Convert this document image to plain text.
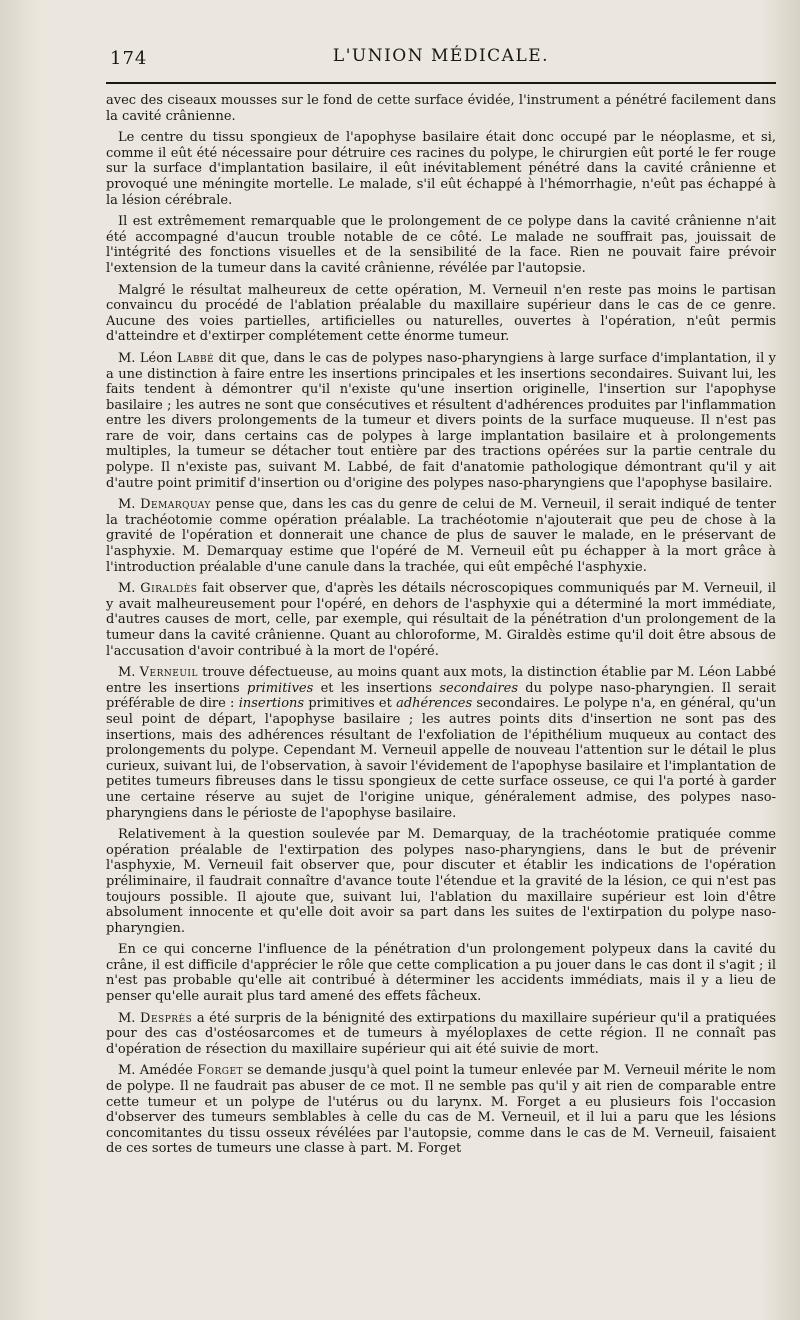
174	L'UNION MÉDICALE.

avec des ciseaux mousses sur le fond de cette surface évidée, l'instrument a pénétré facilement dans la cavité crânienne.

Le centre du tissu spongieux de l'apophyse basilaire était donc occupé par le néoplasme, et si, comme il eût été nécessaire pour détruire ces racines du polype, le chirurgien eût porté le fer rouge sur la surface d'implantation basilaire, il eût inévitablement pénétré dans la cavité crânienne et provoqué une méningite mortelle. Le malade, s'il eût échappé à l'hémorrhagie, n'eût pas échappé à la lésion cérébrale.

Il est extrêmement remarquable que le prolongement de ce polype dans la cavité crânienne n'ait été accompagné d'aucun trouble notable de ce côté. Le malade ne souffrait pas, jouissait de l'intégrité des fonctions visuelles et de la sensibilité de la face. Rien ne pouvait faire prévoir l'extension de la tumeur dans la cavité crânienne, révélée par l'autopsie.

Malgré le résultat malheureux de cette opération, M. Verneuil n'en reste pas moins le partisan convaincu du procédé de l'ablation préalable du maxillaire supérieur dans le cas de ce genre. Aucune des voies partielles, artificielles ou naturelles, ouvertes à l'opération, n'eût permis d'atteindre et d'extirper complétement cette énorme tumeur.

M. Léon Labbé dit que, dans le cas de polypes naso-pharyngiens à large surface d'implantation, il y a une distinction à faire entre les insertions principales et les insertions secondaires. Suivant lui, les faits tendent à démontrer qu'il n'existe qu'une insertion originelle, l'insertion sur l'apophyse basilaire ; les autres ne sont que consécutives et résultent d'adhérences produites par l'inflammation entre les divers prolongements de la tumeur et divers points de la surface muqueuse. Il n'est pas rare de voir, dans certains cas de polypes à large implantation basilaire et à prolongements multiples, la tumeur se détacher tout entière par des tractions opérées sur la partie centrale du polype. Il n'existe pas, suivant M. Labbé, de fait d'anatomie pathologique démontrant qu'il y ait d'autre point primitif d'insertion ou d'origine des polypes naso-pharyngiens que l'apophyse basilaire.

M. Demarquay pense que, dans les cas du genre de celui de M. Verneuil, il serait indiqué de tenter la trachéotomie comme opération préalable. La trachéotomie n'ajouterait que peu de chose à la gravité de l'opération et donnerait une chance de plus de sauver le malade, en le préservant de l'asphyxie. M. Demarquay estime que l'opéré de M. Verneuil eût pu échapper à la mort grâce à l'introduction préalable d'une canule dans la trachée, qui eût empêché l'asphyxie.

M. Giraldès fait observer que, d'après les détails nécroscopiques communiqués par M. Verneuil, il y avait malheureusement pour l'opéré, en dehors de l'asphyxie qui a déterminé la mort immédiate, d'autres causes de mort, celle, par exemple, qui résultait de la pénétration d'un prolongement de la tumeur dans la cavité crânienne. Quant au chloroforme, M. Giraldès estime qu'il doit être absous de l'accusation d'avoir contribué à la mort de l'opéré.

M. Verneuil trouve défectueuse, au moins quant aux mots, la distinction établie par M. Léon Labbé entre les insertions primitives et les insertions secondaires du polype naso-pharyngien. Il serait préférable de dire : insertions primitives et adhérences secondaires. Le polype n'a, en général, qu'un seul point de départ, l'apophyse basilaire ; les autres points dits d'insertion ne sont pas des insertions, mais des adhérences résultant de l'exfoliation de l'épithélium muqueux au contact des prolongements du polype. Cependant M. Verneuil appelle de nouveau l'attention sur le détail le plus curieux, suivant lui, de l'observation, à savoir l'évidement de l'apophyse basilaire et l'implantation de petites tumeurs fibreuses dans le tissu spongieux de cette surface osseuse, ce qui l'a porté à garder une certaine réserve au sujet de l'origine unique, généralement admise, des polypes naso-pharyngiens dans le périoste de l'apophyse basilaire.

Relativement à la question soulevée par M. Demarquay, de la trachéotomie pratiquée comme opération préalable de l'extirpation des polypes naso-pharyngiens, dans le but de prévenir l'asphyxie, M. Verneuil fait observer que, pour discuter et établir les indications de l'opération préliminaire, il faudrait connaître d'avance toute l'étendue et la gravité de la lésion, ce qui n'est pas toujours possible. Il ajoute que, suivant lui, l'ablation du maxillaire supérieur est loin d'être absolument innocente et qu'elle doit avoir sa part dans les suites de l'extirpation du polype naso-pharyngien.

En ce qui concerne l'influence de la pénétration d'un prolongement polypeux dans la cavité du crâne, il est difficile d'apprécier le rôle que cette complication a pu jouer dans le cas dont il s'agit ; il n'est pas probable qu'elle ait contribué à déterminer les accidents immédiats, mais il y a lieu de penser qu'elle aurait plus tard amené des effets fâcheux.

M. Desprès a été surpris de la bénignité des extirpations du maxillaire supérieur qu'il a pratiquées pour des cas d'ostéosarcomes et de tumeurs à myéloplaxes de cette région. Il ne connaît pas d'opération de résection du maxillaire supérieur qui ait été suivie de mort.

M. Amédée Forget se demande jusqu'à quel point la tumeur enlevée par M. Verneuil mérite le nom de polype. Il ne faudrait pas abuser de ce mot. Il ne semble pas qu'il y ait rien de comparable entre cette tumeur et un polype de l'utérus ou du larynx. M. Forget a eu plusieurs fois l'occasion d'observer des tumeurs semblables à celle du cas de M. Verneuil, et il lui a paru que les lésions concomitantes du tissu osseux révélées par l'autopsie, comme dans le cas de M. Verneuil, faisaient de ces sortes de tumeurs une classe à part. M. Forget
